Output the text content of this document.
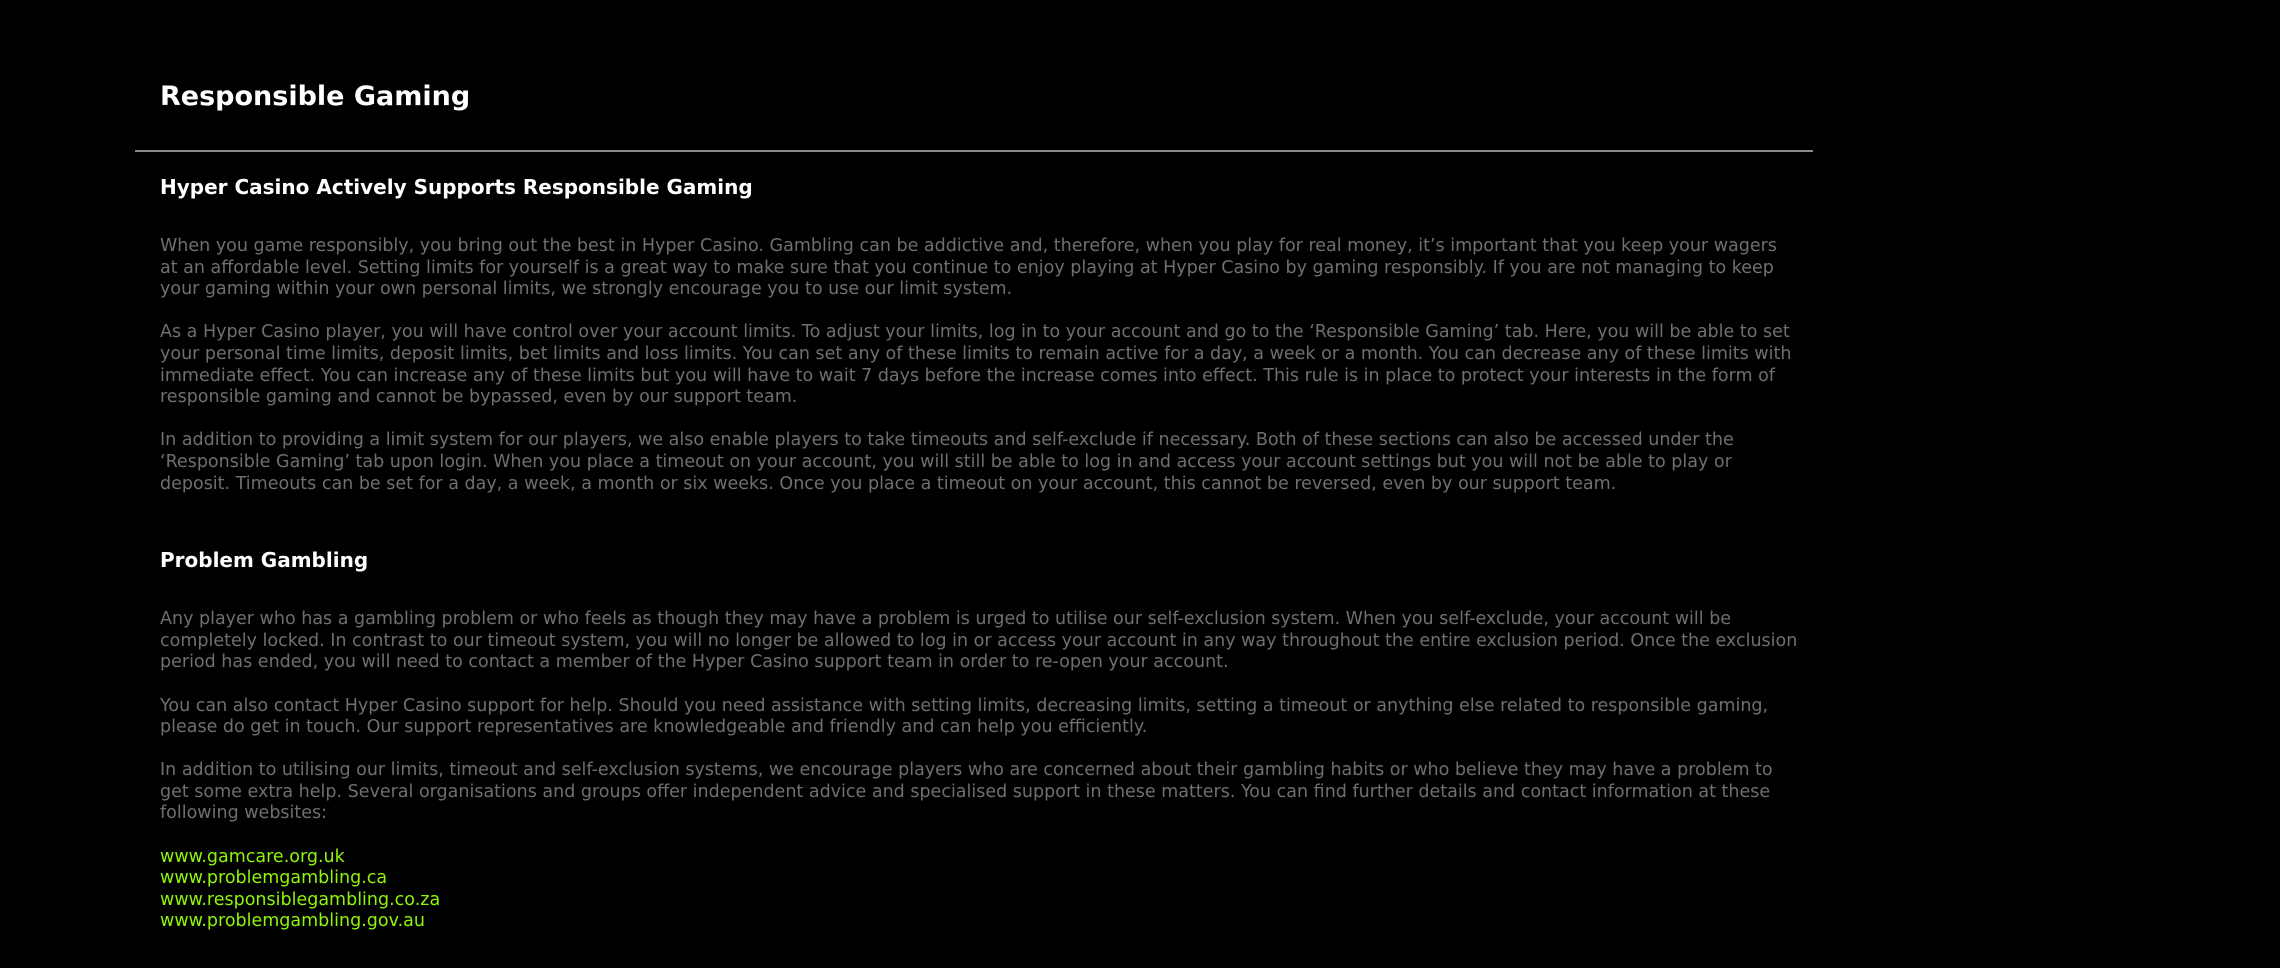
Responsible Gaming
Hyper Casino Actively Supports Responsible Gaming

When you game responsibly, you bring out the best in Hyper Casino. Gambling can be addictive and, therefore, when you play for real money, it’s important that you keep your wagers at an affordable level. Setting limits for yourself is a great way to make sure that you continue to enjoy playing at Hyper Casino by gaming responsibly. If you are not managing to keep your gaming within your own personal limits, we strongly encourage you to use our limit system.

As a Hyper Casino player, you will have control over your account limits. To adjust your limits, log in to your account and go to the ‘Responsible Gaming’ tab. Here, you will be able to set your personal time limits, deposit limits, bet limits and loss limits. You can set any of these limits to remain active for a day, a week or a month. You can decrease any of these limits with immediate effect. You can increase any of these limits but you will have to wait 7 days before the increase comes into effect. This rule is in place to protect your interests in the form of responsible gaming and cannot be bypassed, even by our support team.

In addition to providing a limit system for our players, we also enable players to take timeouts and self-exclude if necessary. Both of these sections can also be accessed under the ‘Responsible Gaming’ tab upon login. When you place a timeout on your account, you will still be able to log in and access your account settings but you will not be able to play or deposit. Timeouts can be set for a day, a week, a month or six weeks. Once you place a timeout on your account, this cannot be reversed, even by our support team.

Problem Gambling

Any player who has a gambling problem or who feels as though they may have a problem is urged to utilise our self-exclusion system. When you self-exclude, your account will be completely locked. In contrast to our timeout system, you will no longer be allowed to log in or access your account in any way throughout the entire exclusion period. Once the exclusion period has ended, you will need to contact a member of the Hyper Casino support team in order to re-open your account.

You can also contact Hyper Casino support for help. Should you need assistance with setting limits, decreasing limits, setting a timeout or anything else related to responsible gaming, please do get in touch. Our support representatives are knowledgeable and friendly and can help you efficiently.

In addition to utilising our limits, timeout and self-exclusion systems, we encourage players who are concerned about their gambling habits or who believe they may have a problem to get some extra help. Several organisations and groups offer independent advice and specialised support in these matters. You can find further details and contact information at these following websites:

www.gamcare.org.uk
www.problemgambling.ca
www.responsiblegambling.co.za
www.problemgambling.gov.au
